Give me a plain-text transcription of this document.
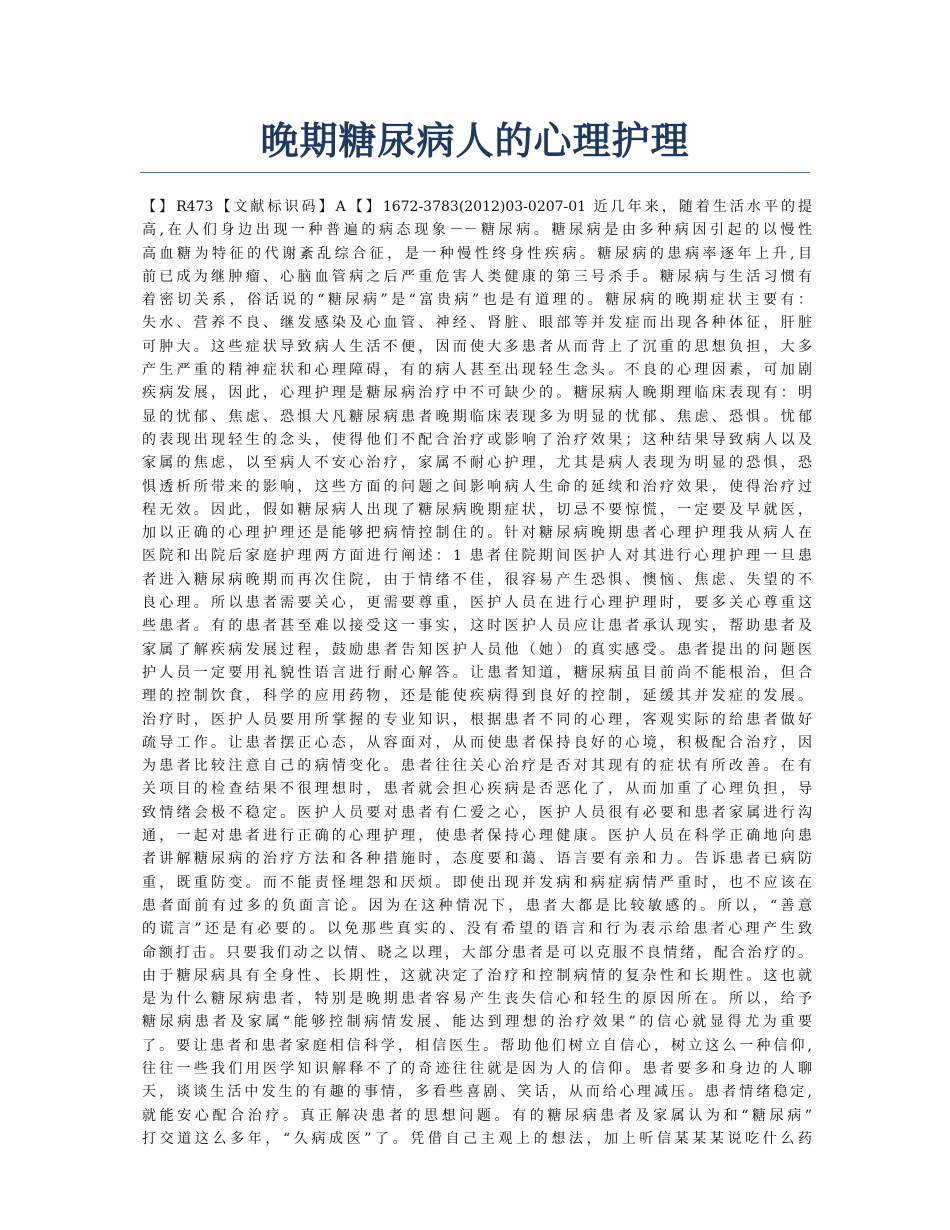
晚期糖尿病人的心理护理
【】R473【文献标识码】A【】1672-3783(2012)03-0207-01 近几年来，随着生活水平的提
高,在人们身边出现一种普遍的病态现象－－糖尿病。糖尿病是由多种病因引起的以慢性
高血糖为特征的代谢紊乱综合征，是一种慢性终身性疾病。糖尿病的患病率逐年上升,目
前已成为继肿瘤、心脑血管病之后严重危害人类健康的第三号杀手。糖尿病与生活习惯有
着密切关系，俗话说的“糖尿病”是“富贵病”也是有道理的。糖尿病的晚期症状主要有：
失水、营养不良、继发感染及心血管、神经、肾脏、眼部等并发症而出现各种体征，肝脏
可肿大。这些症状导致病人生活不便，因而使大多患者从而背上了沉重的思想负担，大多
产生严重的精神症状和心理障碍，有的病人甚至出现轻生念头。不良的心理因素，可加剧
疾病发展，因此，心理护理是糖尿病治疗中不可缺少的。糖尿病人晚期理临床表现有：明
显的忧郁、焦虑、恐惧大凡糖尿病患者晚期临床表现多为明显的忧郁、焦虑、恐惧。忧郁
的表现出现轻生的念头，使得他们不配合治疗或影响了治疗效果；这种结果导致病人以及
家属的焦虑，以至病人不安心治疗，家属不耐心护理，尤其是病人表现为明显的恐惧，恐
惧透析所带来的影响，这些方面的问题之间影响病人生命的延续和治疗效果，使得治疗过
程无效。因此，假如糖尿病人出现了糖尿病晚期症状，切忌不要惊慌，一定要及早就医，
加以正确的心理护理还是能够把病情控制住的。针对糖尿病晚期患者心理护理我从病人在
医院和出院后家庭护理两方面进行阐述：1 患者住院期间医护人对其进行心理护理一旦患
者进入糖尿病晚期而再次住院，由于情绪不佳，很容易产生恐惧、懊恼、焦虑、失望的不
良心理。所以患者需要关心，更需要尊重，医护人员在进行心理护理时，要多关心尊重这
些患者。有的患者甚至难以接受这一事实，这时医护人员应让患者承认现实，帮助患者及
家属了解疾病发展过程，鼓励患者告知医护人员他（她）的真实感受。患者提出的问题医
护人员一定要用礼貌性语言进行耐心解答。让患者知道，糖尿病虽目前尚不能根治，但合
理的控制饮食，科学的应用药物，还是能使疾病得到良好的控制，延缓其并发症的发展。
治疗时，医护人员要用所掌握的专业知识，根据患者不同的心理，客观实际的给患者做好
疏导工作。让患者摆正心态，从容面对，从而使患者保持良好的心境，积极配合治疗，因
为患者比较注意自己的病情变化。患者往往关心治疗是否对其现有的症状有所改善。在有
关项目的检查结果不很理想时，患者就会担心疾病是否恶化了，从而加重了心理负担，导
致情绪会极不稳定。医护人员要对患者有仁爱之心，医护人员很有必要和患者家属进行沟
通，一起对患者进行正确的心理护理，使患者保持心理健康。医护人员在科学正确地向患
者讲解糖尿病的治疗方法和各种措施时，态度要和蔼、语言要有亲和力。告诉患者已病防
重，既重防变。而不能责怪埋怨和厌烦。即使出现并发病和病症病情严重时，也不应该在
患者面前有过多的负面言论。因为在这种情况下，患者大都是比较敏感的。所以，“善意
的谎言”还是有必要的。以免那些真实的、没有希望的语言和行为表示给患者心理产生致
命额打击。只要我们动之以情、晓之以理，大部分患者是可以克服不良情绪，配合治疗的。
由于糖尿病具有全身性、长期性，这就决定了治疗和控制病情的复杂性和长期性。这也就
是为什么糖尿病患者，特别是晚期患者容易产生丧失信心和轻生的原因所在。所以，给予
糖尿病患者及家属“能够控制病情发展、能达到理想的治疗效果”的信心就显得尤为重要
了。要让患者和患者家庭相信科学，相信医生。帮助他们树立自信心，树立这么一种信仰,
往往一些我们用医学知识解释不了的奇迹往往就是因为人的信仰。患者要多和身边的人聊
天，谈谈生活中发生的有趣的事情，多看些喜剧、笑话，从而给心理减压。患者情绪稳定,
就能安心配合治疗。真正解决患者的思想问题。有的糖尿病患者及家属认为和“糖尿病”
打交道这么多年，“久病成医”了。凭借自己主观上的想法，加上听信某某某说吃什么药
